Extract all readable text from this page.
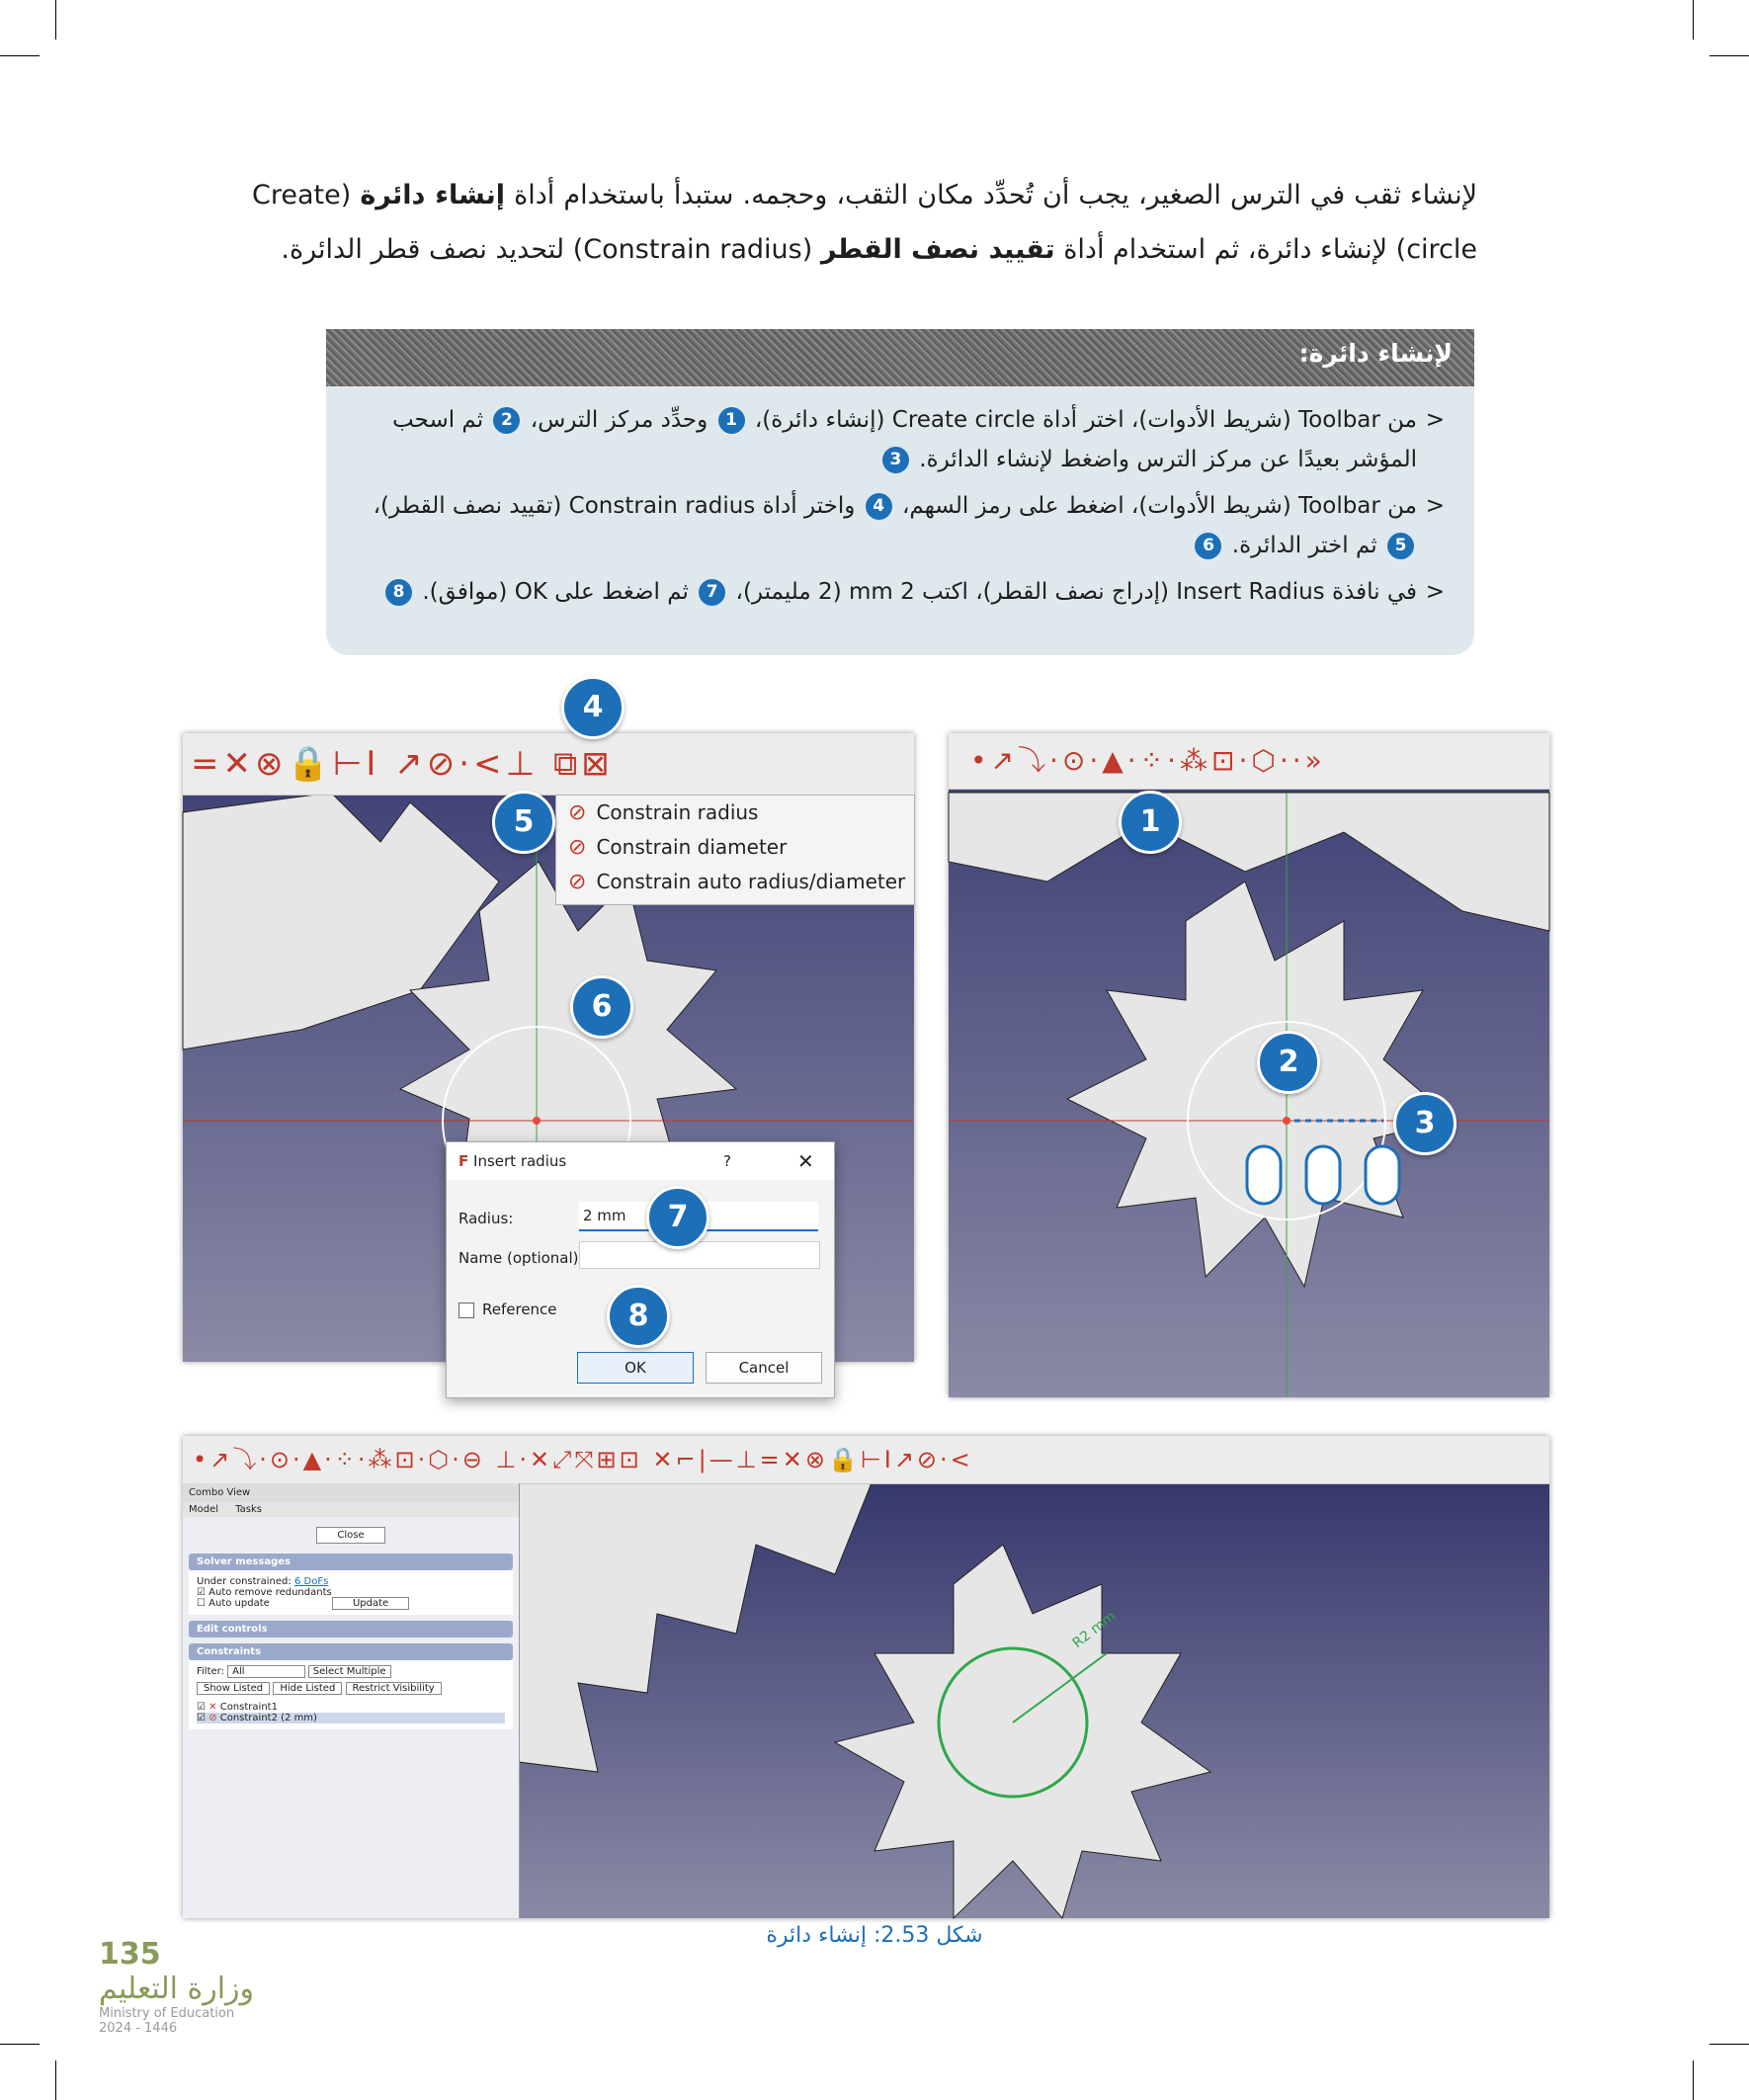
لإنشاء ثقب في الترس الصغير، يجب أن تُحدِّد مكان الثقب، وحجمه. ستبدأ باستخدام أداة إنشاء دائرة (Create circle) لإنشاء دائرة، ثم استخدام أداة تقييد نصف القطر (Constrain radius) لتحديد نصف قطر الدائرة.
لإنشاء دائرة:
<
من Toolbar (شريط الأدوات)، اختر أداة Create circle (إنشاء دائرة)، 1 وحدِّد مركز الترس، 2 ثم اسحب المؤشر بعيدًا عن مركز الترس واضغط لإنشاء الدائرة. 3
<
من Toolbar (شريط الأدوات)، اضغط على رمز السهم، 4 واختر أداة Constrain radius (تقييد نصف القطر)، 5 ثم اختر الدائرة. 6
<
في نافذة Insert Radius (إدراج نصف القطر)، اكتب 2 mm (2 مليمتر)، 7 ثم اضغط على OK (موافق). 8
=✕⊗🔒⊢I ↗⊘·<⊥ ⧉⊠
⊘ Constrain radius
⊘ Constrain diameter
⊘ Constrain auto radius/diameter
4
5
6
F Insert radius	?	✕
Radius:	2 mm
Name (optional)
Reference
OK	Cancel
7
8
•↗⤵·⊙·▲·⁘·⁂⊡·⬡··»
1
2
3
R2 mm
•↗⤵·⊙·▲·⁘·⁂⊡·⬡·⊖ ⊥·✕⤢⤧⊞⊡ ✕⌐|—⊥=✕⊗🔒⊢I↗⊘·<
Combo View
Model Tasks
Close
Solver messages
Under constrained: 6 DoFs
☑ Auto remove redundants
☐ Auto update	Update
Edit controls
Constraints
Filter: All	Select Multiple
Show Listed Hide Listed Restrict Visibility
☑ ✕ Constraint1
☑ ⊘ Constraint2 (2 mm)
شكل 2.53: إنشاء دائرة
135
وزارة التعليم
Ministry of Education
2024 - 1446
